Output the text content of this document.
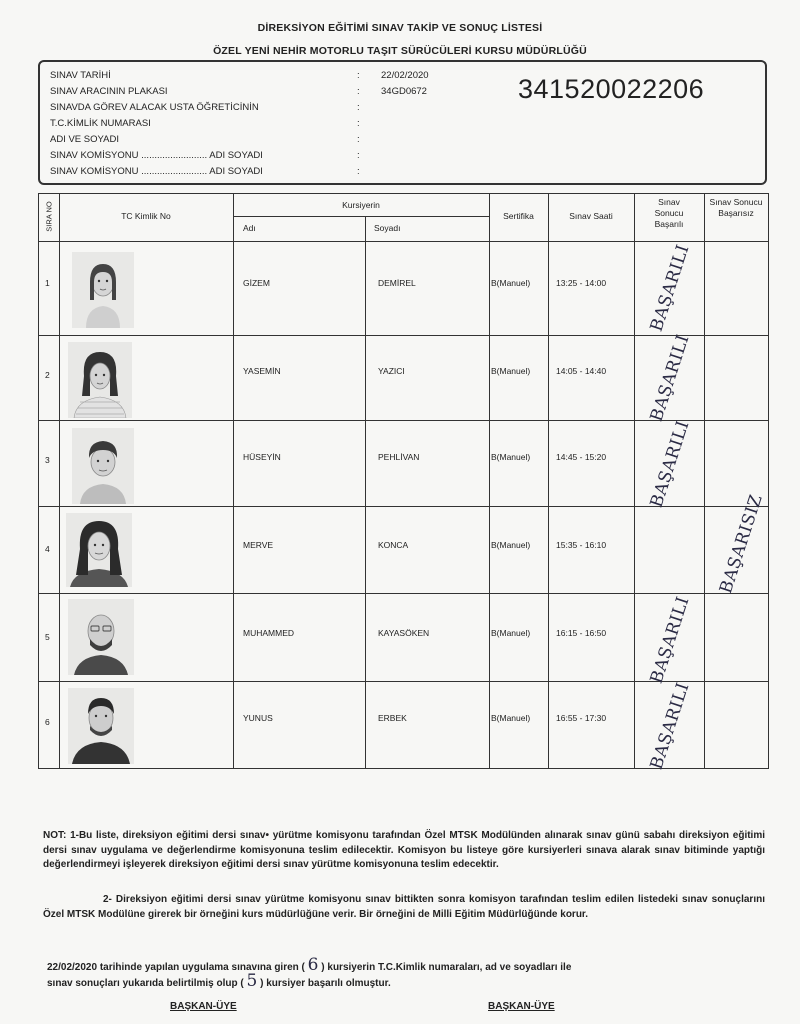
DİREKSİYON EĞİTİMİ SINAV TAKİP VE SONUÇ LİSTESİ
ÖZEL YENİ NEHİR MOTORLU TAŞIT SÜRÜCÜLERİ KURSU MÜDÜRLÜĞÜ
SINAV TARİHİ	: 22/02/2020
SINAV ARACININ PLAKASI	: 34GD0672
SINAVDA GÖREV ALACAK USTA ÖĞRETİCİNİN	:
T.C.KİMLİK NUMARASI	:
ADI VE SOYADI	:
SINAV KOMİSYONU ......................... ADI SOYADI	:
SINAV KOMİSYONU ......................... ADI SOYADI	:
341520022206
SIRA NO	TC Kimlik No
Kursiyerin
Adı	Soyadı
Sertifika	Sınav Saati
Sınav Sonucu Başarılı
Sınav Sonucu Başarısız
1	GİZEM	DEMİREL	B(Manuel)	13:25 - 14:00 BAŞARILI
2	YASEMİN	YAZICI	B(Manuel)	14:05 - 14:40 BAŞARILI
3	HÜSEYİN	PEHLİVAN	B(Manuel)	14:45 - 15:20 BAŞARILI
4	MERVE	KONCA	B(Manuel)	15:35 - 16:10	BAŞARISIZ
5	MUHAMMED	KAYASÖKEN	B(Manuel)	16:15 - 16:50 BAŞARILI
6	YUNUS	ERBEK	B(Manuel)	16:55 - 17:30 BAŞARILI
NOT: 1-Bu liste, direksiyon eğitimi dersi sınav• yürütme komisyonu tarafından Özel MTSK Modülünden alınarak sınav günü sabahı direksiyon eğitimi dersi sınav uygulama ve değerlendirme komisyonuna teslim edilecektir. Komisyon bu listeye göre kursiyerleri sınava alarak sınav bitiminde yaptığı değerlendirmeyi işleyerek direksiyon eğitimi dersi sınav yürütme komisyonuna teslim edecektir.
2- Direksiyon eğitimi dersi sınav yürütme komisyonu sınav bittikten sonra komisyon tarafından teslim edilen listedeki sınav sonuçlarını Özel MTSK Modülüne girerek bir örneğini kurs müdürlüğüne verir. Bir örneğini de Milli Eğitim Müdürlüğünde korur.
22/02/2020 tarihinde yapılan uygulama sınavına giren ( 6 ) kursiyerin T.C.Kimlik numaraları, ad ve soyadları ile
sınav sonuçları yukarıda belirtilmiş olup ( 5 ) kursiyer başarılı olmuştur.
BAŞKAN-ÜYE	BAŞKAN-ÜYE
